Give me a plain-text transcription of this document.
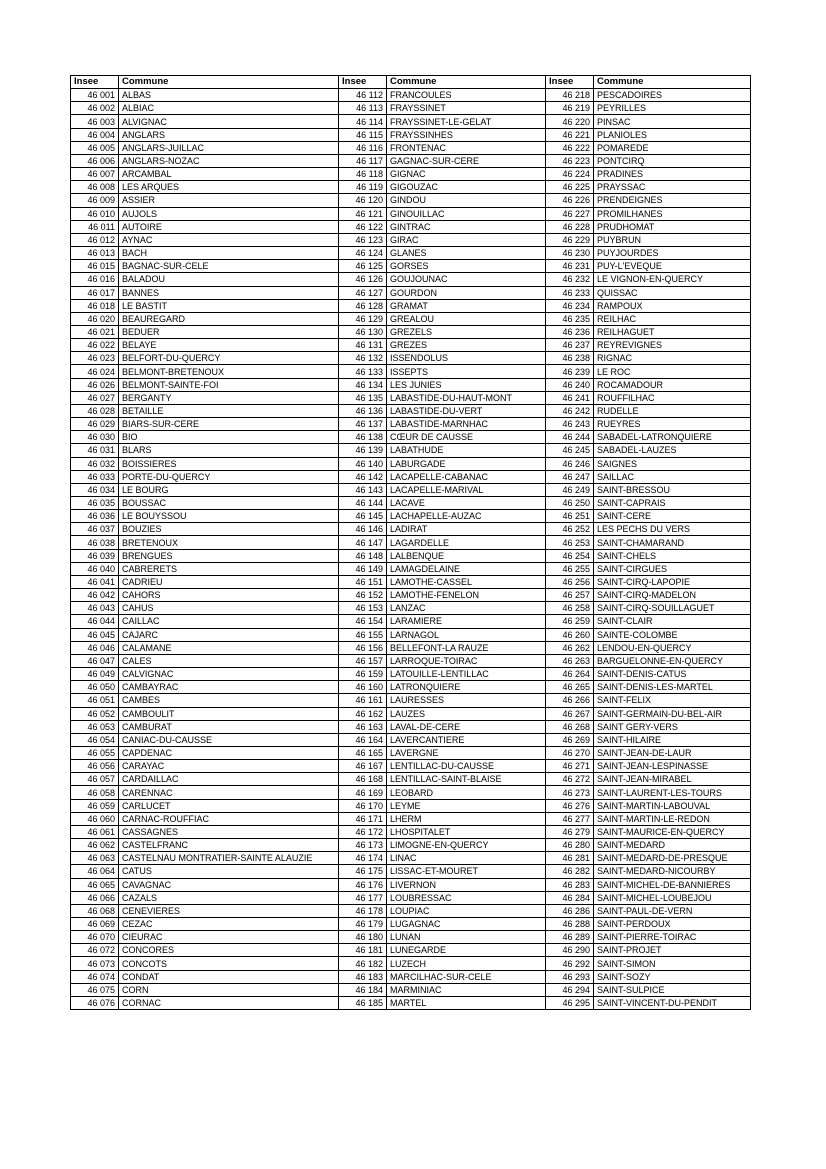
Insee	Commune	Insee	Commune	Insee	Commune
46 001	ALBAS	46 112	FRANCOULES	46 218	PESCADOIRES
46 002	ALBIAC	46 113	FRAYSSINET	46 219	PEYRILLES
46 003	ALVIGNAC	46 114	FRAYSSINET-LE-GELAT	46 220	PINSAC
46 004	ANGLARS	46 115	FRAYSSINHES	46 221	PLANIOLES
46 005	ANGLARS-JUILLAC	46 116	FRONTENAC	46 222	POMAREDE
46 006	ANGLARS-NOZAC	46 117	GAGNAC-SUR-CERE	46 223	PONTCIRQ
46 007	ARCAMBAL	46 118	GIGNAC	46 224	PRADINES
46 008	LES ARQUES	46 119	GIGOUZAC	46 225	PRAYSSAC
46 009	ASSIER	46 120	GINDOU	46 226	PRENDEIGNES
46 010	AUJOLS	46 121	GINOUILLAC	46 227	PROMILHANES
46 011	AUTOIRE	46 122	GINTRAC	46 228	PRUDHOMAT
46 012	AYNAC	46 123	GIRAC	46 229	PUYBRUN
46 013	BACH	46 124	GLANES	46 230	PUYJOURDES
46 015	BAGNAC-SUR-CELE	46 125	GORSES	46 231	PUY-L'EVEQUE
46 016	BALADOU	46 126	GOUJOUNAC	46 232	LE VIGNON-EN-QUERCY
46 017	BANNES	46 127	GOURDON	46 233	QUISSAC
46 018	LE BASTIT	46 128	GRAMAT	46 234	RAMPOUX
46 020	BEAUREGARD	46 129	GREALOU	46 235	REILHAC
46 021	BEDUER	46 130	GREZELS	46 236	REILHAGUET
46 022	BELAYE	46 131	GREZES	46 237	REYREVIGNES
46 023	BELFORT-DU-QUERCY	46 132	ISSENDOLUS	46 238	RIGNAC
46 024	BELMONT-BRETENOUX	46 133	ISSEPTS	46 239	LE ROC
46 026	BELMONT-SAINTE-FOI	46 134	LES JUNIES	46 240	ROCAMADOUR
46 027	BERGANTY	46 135	LABASTIDE-DU-HAUT-MONT	46 241	ROUFFILHAC
46 028	BETAILLE	46 136	LABASTIDE-DU-VERT	46 242	RUDELLE
46 029	BIARS-SUR-CERE	46 137	LABASTIDE-MARNHAC	46 243	RUEYRES
46 030	BIO	46 138	CŒUR DE CAUSSE	46 244	SABADEL-LATRONQUIERE
46 031	BLARS	46 139	LABATHUDE	46 245	SABADEL-LAUZES
46 032	BOISSIERES	46 140	LABURGADE	46 246	SAIGNES
46 033	PORTE-DU-QUERCY	46 142	LACAPELLE-CABANAC	46 247	SAILLAC
46 034	LE BOURG	46 143	LACAPELLE-MARIVAL	46 249	SAINT-BRESSOU
46 035	BOUSSAC	46 144	LACAVE	46 250	SAINT-CAPRAIS
46 036	LE BOUYSSOU	46 145	LACHAPELLE-AUZAC	46 251	SAINT-CERE
46 037	BOUZIES	46 146	LADIRAT	46 252	LES PECHS DU VERS
46 038	BRETENOUX	46 147	LAGARDELLE	46 253	SAINT-CHAMARAND
46 039	BRENGUES	46 148	LALBENQUE	46 254	SAINT-CHELS
46 040	CABRERETS	46 149	LAMAGDELAINE	46 255	SAINT-CIRGUES
46 041	CADRIEU	46 151	LAMOTHE-CASSEL	46 256	SAINT-CIRQ-LAPOPIE
46 042	CAHORS	46 152	LAMOTHE-FENELON	46 257	SAINT-CIRQ-MADELON
46 043	CAHUS	46 153	LANZAC	46 258	SAINT-CIRQ-SOUILLAGUET
46 044	CAILLAC	46 154	LARAMIERE	46 259	SAINT-CLAIR
46 045	CAJARC	46 155	LARNAGOL	46 260	SAINTE-COLOMBE
46 046	CALAMANE	46 156	BELLEFONT-LA RAUZE	46 262	LENDOU-EN-QUERCY
46 047	CALES	46 157	LARROQUE-TOIRAC	46 263	BARGUELONNE-EN-QUERCY
46 049	CALVIGNAC	46 159	LATOUILLE-LENTILLAC	46 264	SAINT-DENIS-CATUS
46 050	CAMBAYRAC	46 160	LATRONQUIERE	46 265	SAINT-DENIS-LES-MARTEL
46 051	CAMBES	46 161	LAURESSES	46 266	SAINT-FELIX
46 052	CAMBOULIT	46 162	LAUZES	46 267	SAINT-GERMAIN-DU-BEL-AIR
46 053	CAMBURAT	46 163	LAVAL-DE-CERE	46 268	SAINT GERY-VERS
46 054	CANIAC-DU-CAUSSE	46 164	LAVERCANTIERE	46 269	SAINT-HILAIRE
46 055	CAPDENAC	46 165	LAVERGNE	46 270	SAINT-JEAN-DE-LAUR
46 056	CARAYAC	46 167	LENTILLAC-DU-CAUSSE	46 271	SAINT-JEAN-LESPINASSE
46 057	CARDAILLAC	46 168	LENTILLAC-SAINT-BLAISE	46 272	SAINT-JEAN-MIRABEL
46 058	CARENNAC	46 169	LEOBARD	46 273	SAINT-LAURENT-LES-TOURS
46 059	CARLUCET	46 170	LEYME	46 276	SAINT-MARTIN-LABOUVAL
46 060	CARNAC-ROUFFIAC	46 171	LHERM	46 277	SAINT-MARTIN-LE-REDON
46 061	CASSAGNES	46 172	LHOSPITALET	46 279	SAINT-MAURICE-EN-QUERCY
46 062	CASTELFRANC	46 173	LIMOGNE-EN-QUERCY	46 280	SAINT-MEDARD
46 063	CASTELNAU MONTRATIER-SAINTE ALAUZIE	46 174	LINAC	46 281	SAINT-MEDARD-DE-PRESQUE
46 064	CATUS	46 175	LISSAC-ET-MOURET	46 282	SAINT-MEDARD-NICOURBY
46 065	CAVAGNAC	46 176	LIVERNON	46 283	SAINT-MICHEL-DE-BANNIERES
46 066	CAZALS	46 177	LOUBRESSAC	46 284	SAINT-MICHEL-LOUBEJOU
46 068	CENEVIERES	46 178	LOUPIAC	46 286	SAINT-PAUL-DE-VERN
46 069	CEZAC	46 179	LUGAGNAC	46 288	SAINT-PERDOUX
46 070	CIEURAC	46 180	LUNAN	46 289	SAINT-PIERRE-TOIRAC
46 072	CONCORES	46 181	LUNEGARDE	46 290	SAINT-PROJET
46 073	CONCOTS	46 182	LUZECH	46 292	SAINT-SIMON
46 074	CONDAT	46 183	MARCILHAC-SUR-CELE	46 293	SAINT-SOZY
46 075	CORN	46 184	MARMINIAC	46 294	SAINT-SULPICE
46 076	CORNAC	46 185	MARTEL	46 295	SAINT-VINCENT-DU-PENDIT
